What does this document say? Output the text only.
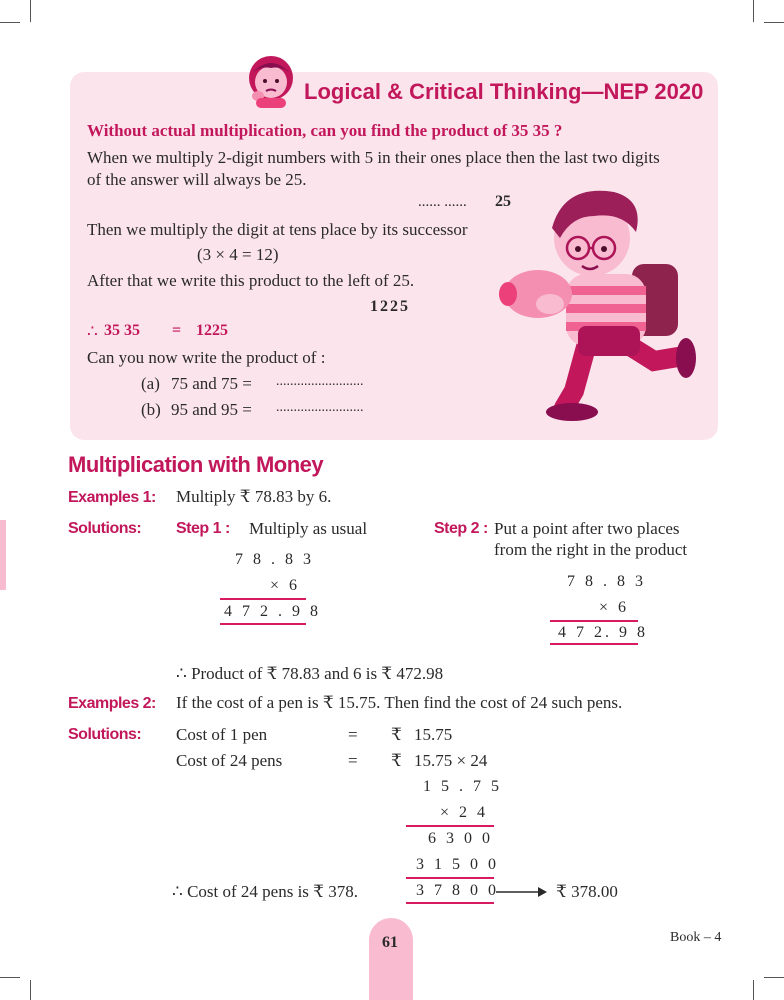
Logical & Critical Thinking—NEP 2020
Without actual multiplication, can you find the product of 35 35 ?
When we multiply 2-digit numbers with 5 in their ones place then the last two digits
of the answer will always be 25.
...... ...... 25
Then we multiply the digit at tens place by its successor
(3 × 4 = 12)
After that we write this product to the left of 25.
1225
∴ 35 35 = 1225
Can you now write the product of :
(a) 75 and 75 = .........................
(b) 95 and 95 = .........................
Multiplication with Money
Examples 1: Multiply ₹ 78.83 by 6.
Solutions: Step 1 : Multiply as usual
7 8 . 8 3
× 6
4 7 2 . 9 8
Step 2 : Put a point after two places
from the right in the product
7 8 . 8 3
× 6
4 7 2. 9 8
∴ Product of ₹ 78.83 and 6 is ₹ 472.98
Examples 2: If the cost of a pen is ₹ 15.75. Then find the cost of 24 such pens.
Solutions: Cost of 1 pen	= ₹ 15.75
Cost of 24 pens	= ₹ 15.75 × 24
1 5 . 7 5
× 2 4
6 3 0 0
3 1 5 0 0
3 7 8 0 0
∴ Cost of 24 pens is ₹ 378.	₹ 378.00
61	Book – 4
